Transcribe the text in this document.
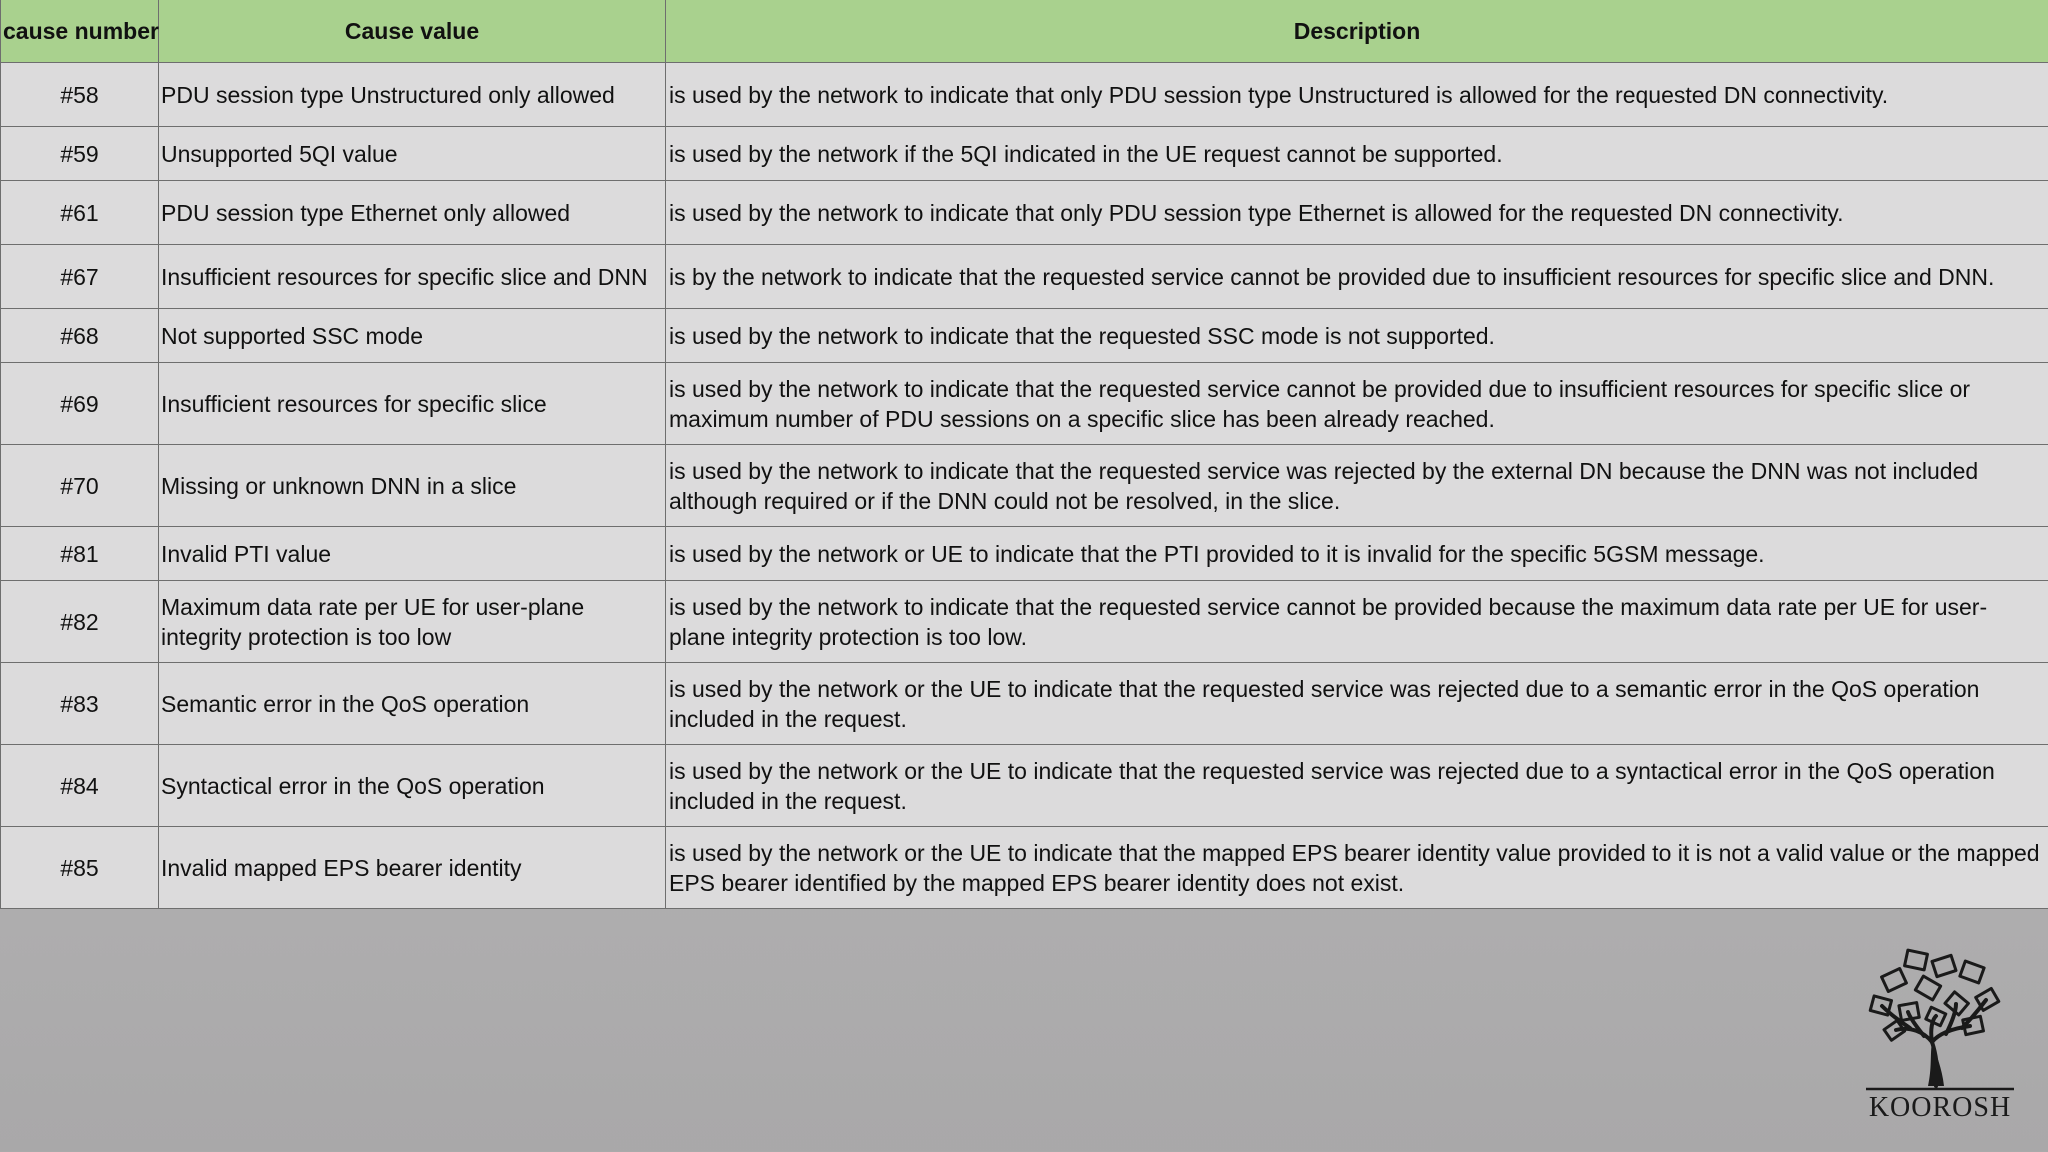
cause number	Cause value	Description
#58	PDU session type Unstructured only allowed	is used by the network to indicate that only PDU session type Unstructured is allowed for the requested DN connectivity.
#59	Unsupported 5QI value	is used by the network if the 5QI indicated in the UE request cannot be supported.
#61	PDU session type Ethernet only allowed	is used by the network to indicate that only PDU session type Ethernet is allowed for the requested DN connectivity.
#67	Insufficient resources for specific slice and DNN	is by the network to indicate that the requested service cannot be provided due to insufficient resources for specific slice and DNN.
#68	Not supported SSC mode	is used by the network to indicate that the requested SSC mode is not supported.
#69	Insufficient resources for specific slice	is used by the network to indicate that the requested service cannot be provided due to insufficient resources for specific slice or maximum number of PDU sessions on a specific slice has been already reached.
#70	Missing or unknown DNN in a slice	is used by the network to indicate that the requested service was rejected by the external DN because the DNN was not included although required or if the DNN could not be resolved, in the slice.
#81	Invalid PTI value	is used by the network or UE to indicate that the PTI provided to it is invalid for the specific 5GSM message.
#82	Maximum data rate per UE for user-plane integrity protection is too low	is used by the network to indicate that the requested service cannot be provided because the maximum data rate per UE for user-plane integrity protection is too low.
#83	Semantic error in the QoS operation	is used by the network or the UE to indicate that the requested service was rejected due to a semantic error in the QoS operation included in the request.
#84	Syntactical error in the QoS operation	is used by the network or the UE to indicate that the requested service was rejected due to a syntactical error in the QoS operation included in the request.
#85	Invalid mapped EPS bearer identity	is used by the network or the UE to indicate that the mapped EPS bearer identity value provided to it is not a valid value or the mapped EPS bearer identified by the mapped EPS bearer identity does not exist.
KOOROSH
